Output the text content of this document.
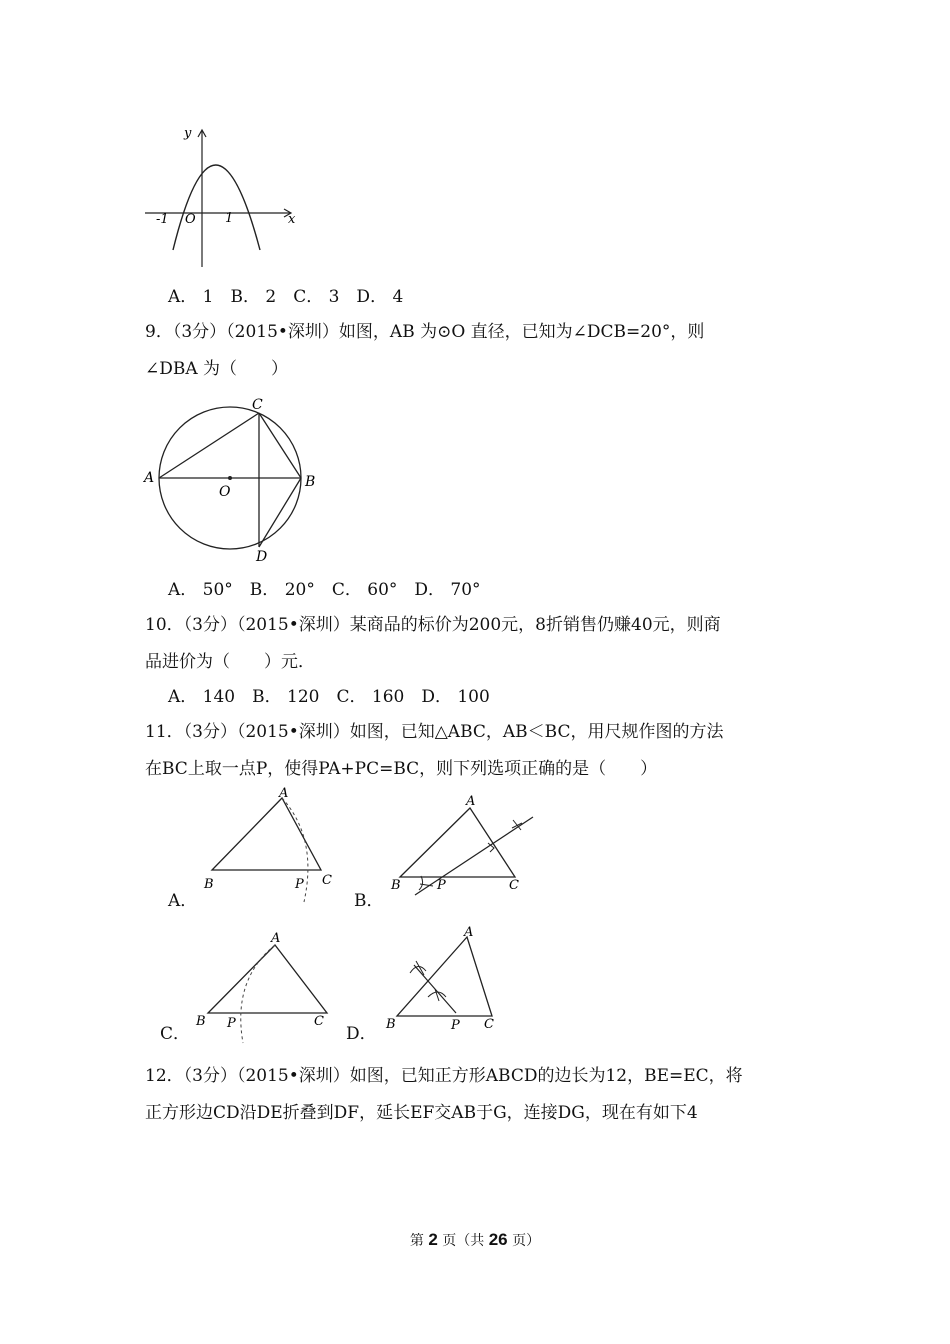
y
x
-1 O 1
A． 1　B． 2　C． 3　D． 4
9．（3分）（2015•深圳）如图，AB 为⊙O 直径，已知为∠DCB=20°，则
∠DBA 为（　　）
A	B
C
D
O
A． 50°　B． 20°　C． 60°　D． 70°
10．（3分）（2015•深圳）某商品的标价为200元，8折销售仍赚40元，则商
品进价为（　　）元．
A． 140　B． 120　C． 160　D． 100
11．（3分）（2015•深圳）如图，已知△ABC，AB＜BC，用尺规作图的方法
在BC上取一点P，使得PA+PC=BC，则下列选项正确的是（　　）
A．
A
B	P C
B．
A
B	P	C
C．
A
B P	C
D．
A
B	P C
12．（3分）（2015•深圳）如图，已知正方形ABCD的边长为12，BE=EC，将
正方形边CD沿DE折叠到DF，延长EF交AB于G，连接DG，现在有如下4
第 2 页（共 26 页）
